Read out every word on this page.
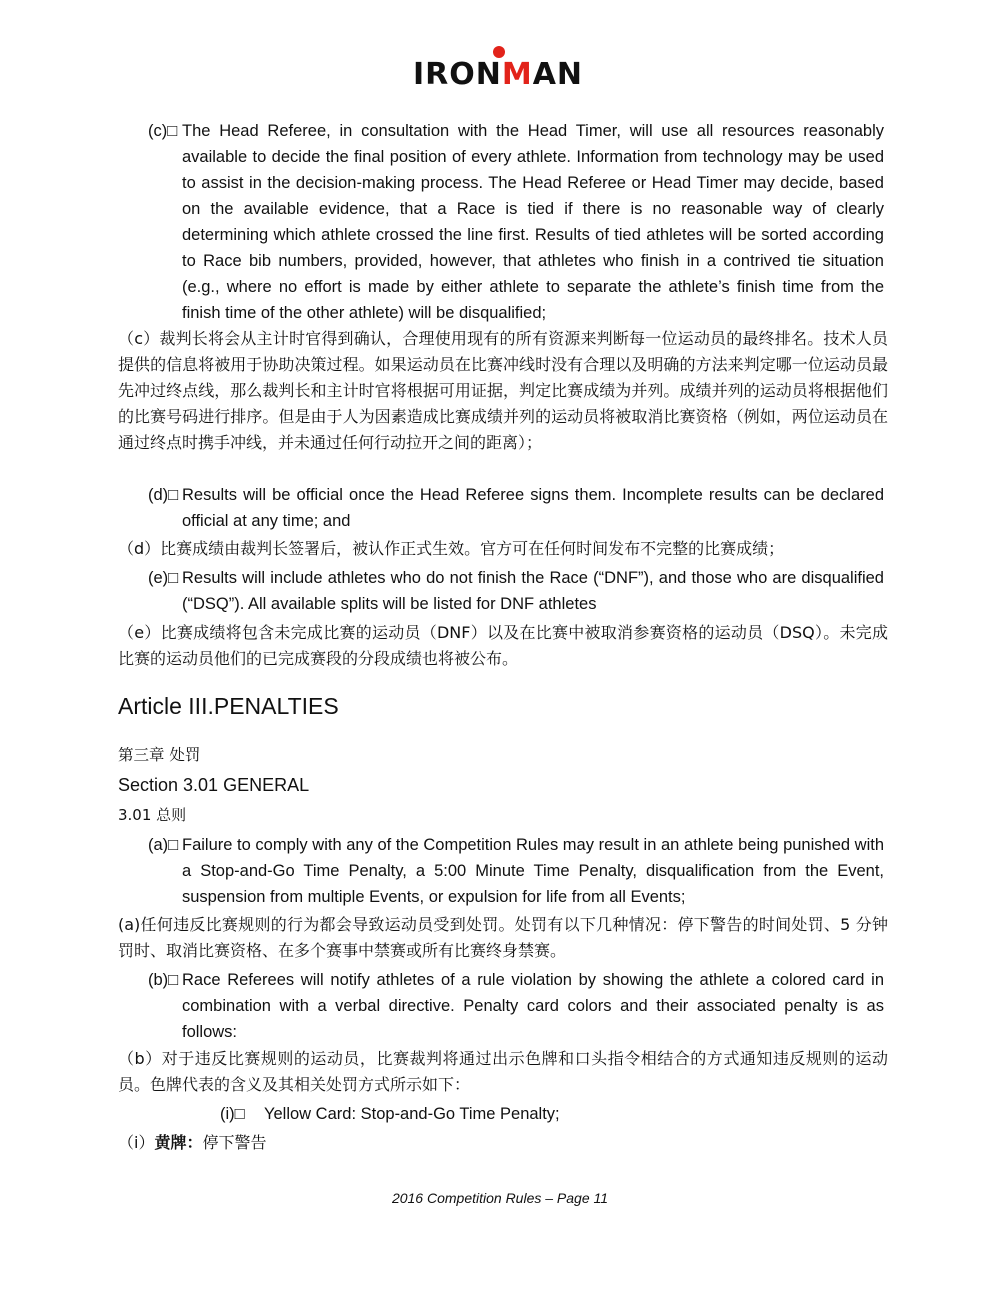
IRONMAN
(c)□ The Head Referee, in consultation with the Head Timer, will use all resources reasonably available to decide the final position of every athlete. Information from technology may be used to assist in the decision-making process. The Head Referee or Head Timer may decide, based on the available evidence, that a Race is tied if there is no reasonable way of clearly determining which athlete crossed the line first. Results of tied athletes will be sorted according to Race bib numbers, provided, however, that athletes who finish in a contrived tie situation (e.g., where no effort is made by either athlete to separate the athlete’s finish time from the finish time of the other athlete) will be disqualified;
（c）裁判长将会从主计时官得到确认，合理使用现有的所有资源来判断每一位运动员的最终排名。技术人员提供的信息将被用于协助决策过程。如果运动员在比赛冲线时没有合理以及明确的方法来判定哪一位运动员最先冲过终点线，那么裁判长和主计时官将根据可用证据，判定比赛成绩为并列。成绩并列的运动员将根据他们的比赛号码进行排序。但是由于人为因素造成比赛成绩并列的运动员将被取消比赛资格（例如，两位运动员在通过终点时携手冲线，并未通过任何行动拉开之间的距离）；
(d)□ Results will be official once the Head Referee signs them. Incomplete results can be declared official at any time; and
（d）比赛成绩由裁判长签署后，被认作正式生效。官方可在任何时间发布不完整的比赛成绩；
(e)□ Results will include athletes who do not finish the Race (“DNF”), and those who are disqualified (“DSQ”). All available splits will be listed for DNF athletes
（e）比赛成绩将包含未完成比赛的运动员（DNF）以及在比赛中被取消参赛资格的运动员（DSQ）。未完成比赛的运动员他们的已完成赛段的分段成绩也将被公布。
Article III.PENALTIES
第三章 处罚
Section 3.01 GENERAL
3.01 总则
(a)□ Failure to comply with any of the Competition Rules may result in an athlete being punished with a Stop-and-Go Time Penalty, a 5:00 Minute Time Penalty, disqualification from the Event, suspension from multiple Events, or expulsion for life from all Events;
(a)任何违反比赛规则的行为都会导致运动员受到处罚。处罚有以下几种情况：停下警告的时间处罚、5 分钟罚时、取消比赛资格、在多个赛事中禁赛或所有比赛终身禁赛。
(b)□ Race Referees will notify athletes of a rule violation by showing the athlete a colored card in combination with a verbal directive. Penalty card colors and their associated penalty is as follows:
（b）对于违反比赛规则的运动员，比赛裁判将通过出示色牌和口头指令相结合的方式通知违反规则的运动员。色牌代表的含义及其相关处罚方式所示如下：
(i)□ Yellow Card: Stop-and-Go Time Penalty;
（i）黄牌：停下警告
2016 Competition Rules – Page 11
